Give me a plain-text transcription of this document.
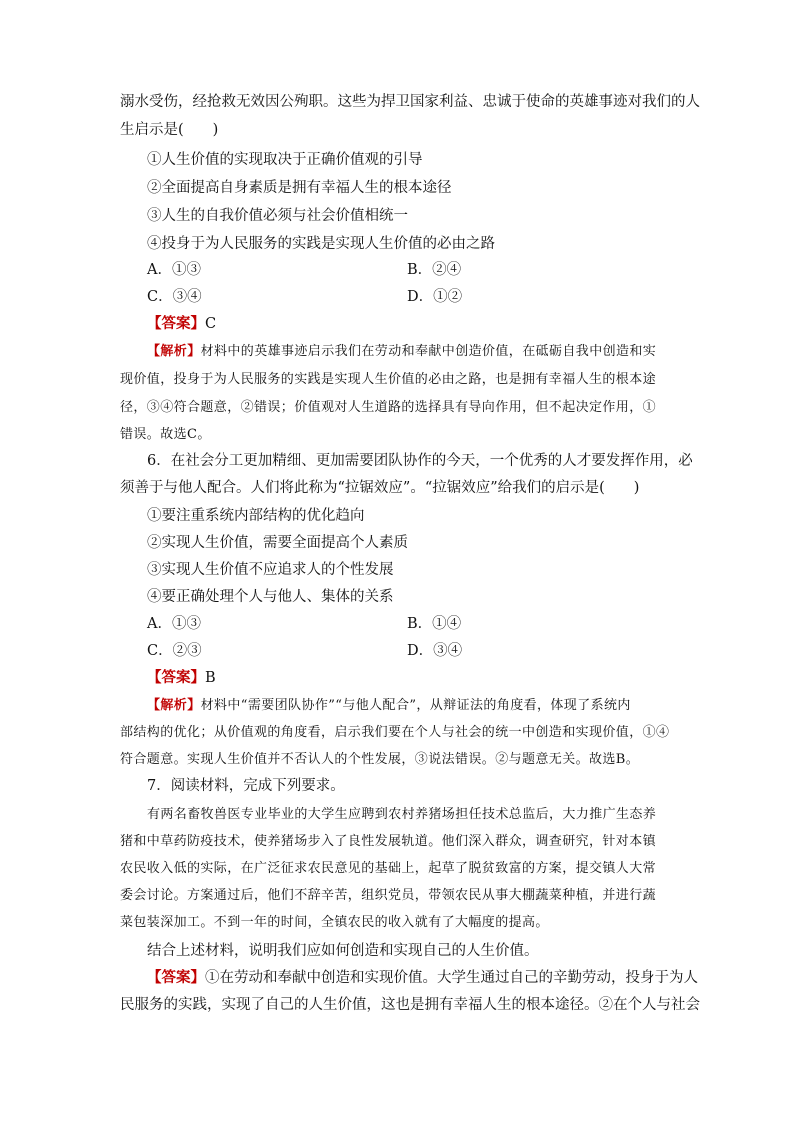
溺水受伤，经抢救无效因公殉职。这些为捍卫国家利益、忠诚于使命的英雄事迹对我们的人
生启示是(　　)
①人生价值的实现取决于正确价值观的引导
②全面提高自身素质是拥有幸福人生的根本途径
③人生的自我价值必须与社会价值相统一
④投身于为人民服务的实践是实现人生价值的必由之路
A．①③	B．②④
C．③④	D．①②
【答案】C
【解析】材料中的英雄事迹启示我们在劳动和奉献中创造价值，在砥砺自我中创造和实
现价值，投身于为人民服务的实践是实现人生价值的必由之路，也是拥有幸福人生的根本途
径，③④符合题意，②错误；价值观对人生道路的选择具有导向作用，但不起决定作用，①
错误。故选C。
6．在社会分工更加精细、更加需要团队协作的今天，一个优秀的人才要发挥作用，必
须善于与他人配合。人们将此称为“拉锯效应”。“拉锯效应”给我们的启示是(　　)
①要注重系统内部结构的优化趋向
②实现人生价值，需要全面提高个人素质
③实现人生价值不应追求人的个性发展
④要正确处理个人与他人、集体的关系
A．①③	B．①④
C．②③	D．③④
【答案】B
【解析】材料中“需要团队协作”“与他人配合”，从辩证法的角度看，体现了系统内
部结构的优化；从价值观的角度看，启示我们要在个人与社会的统一中创造和实现价值，①④
符合题意。实现人生价值并不否认人的个性发展，③说法错误。②与题意无关。故选B。
7．阅读材料，完成下列要求。
有两名畜牧兽医专业毕业的大学生应聘到农村养猪场担任技术总监后，大力推广生态养
猪和中草药防疫技术，使养猪场步入了良性发展轨道。他们深入群众，调查研究，针对本镇
农民收入低的实际，在广泛征求农民意见的基础上，起草了脱贫致富的方案，提交镇人大常
委会讨论。方案通过后，他们不辞辛苦，组织党员，带领农民从事大棚蔬菜种植，并进行蔬
菜包装深加工。不到一年的时间，全镇农民的收入就有了大幅度的提高。
结合上述材料，说明我们应如何创造和实现自己的人生价值。
【答案】①在劳动和奉献中创造和实现价值。大学生通过自己的辛勤劳动，投身于为人
民服务的实践，实现了自己的人生价值，这也是拥有幸福人生的根本途径。②在个人与社会
